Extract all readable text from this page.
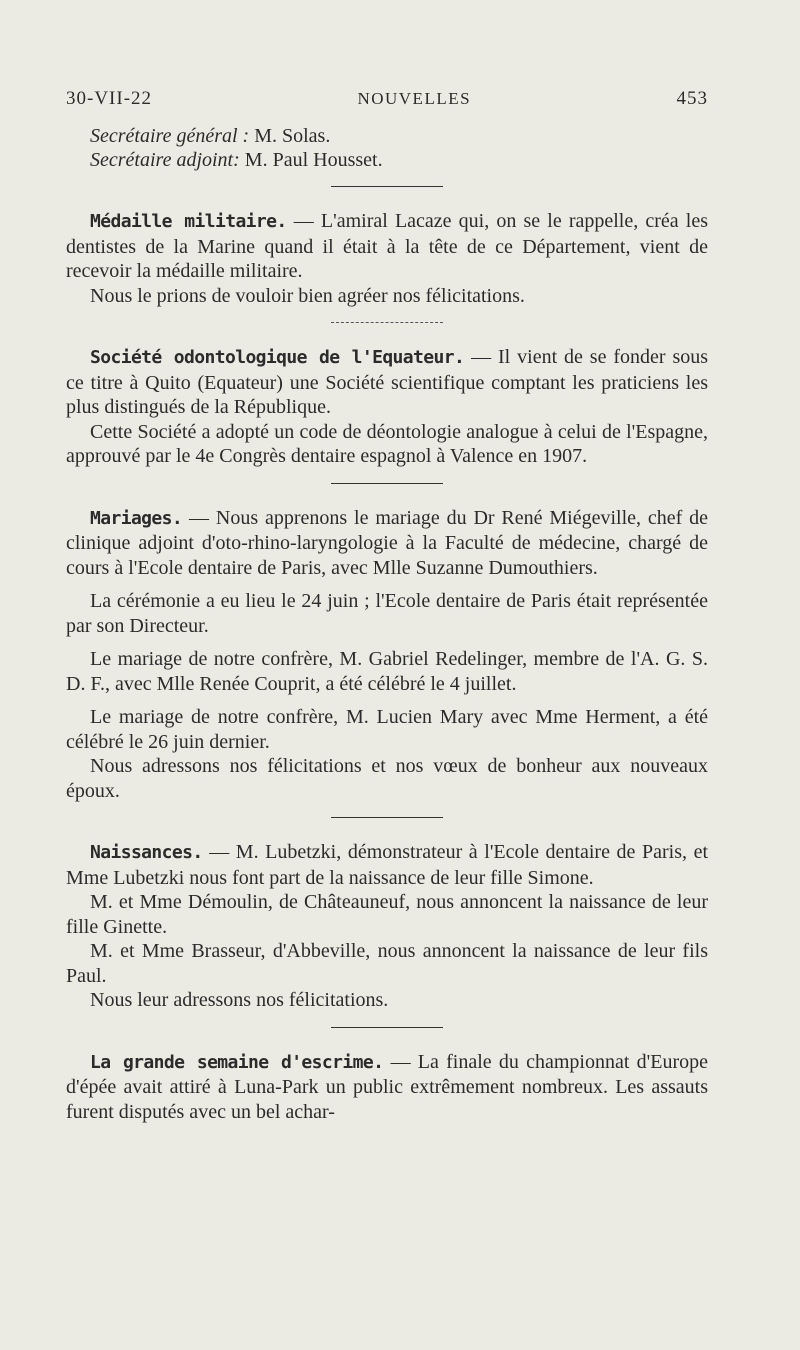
30-VII-22	NOUVELLES	453
Secrétaire général : M. Solas.
Secrétaire adjoint: M. Paul Housset.

Médaille militaire. — L'amiral Lacaze qui, on se le rappelle, créa les dentistes de la Marine quand il était à la tête de ce Département, vient de recevoir la médaille militaire.

Nous le prions de vouloir bien agréer nos félicitations.

Société odontologique de l'Equateur. — Il vient de se fonder sous ce titre à Quito (Equateur) une Société scientifique comptant les praticiens les plus distingués de la République.

Cette Société a adopté un code de déontologie analogue à celui de l'Espagne, approuvé par le 4e Congrès dentaire espagnol à Valence en 1907.

Mariages. — Nous apprenons le mariage du Dr René Miégeville, chef de clinique adjoint d'oto-rhino-laryngologie à la Faculté de médecine, chargé de cours à l'Ecole dentaire de Paris, avec Mlle Suzanne Dumouthiers.

La cérémonie a eu lieu le 24 juin ; l'Ecole dentaire de Paris était représentée par son Directeur.

Le mariage de notre confrère, M. Gabriel Redelinger, membre de l'A. G. S. D. F., avec Mlle Renée Couprit, a été célébré le 4 juillet.

Le mariage de notre confrère, M. Lucien Mary avec Mme Herment, a été célébré le 26 juin dernier.

Nous adressons nos félicitations et nos vœux de bonheur aux nouveaux époux.

Naissances. — M. Lubetzki, démonstrateur à l'Ecole dentaire de Paris, et Mme Lubetzki nous font part de la naissance de leur fille Simone.

M. et Mme Démoulin, de Châteauneuf, nous annoncent la naissance de leur fille Ginette.

M. et Mme Brasseur, d'Abbeville, nous annoncent la naissance de leur fils Paul.

Nous leur adressons nos félicitations.

La grande semaine d'escrime. — La finale du championnat d'Europe d'épée avait attiré à Luna-Park un public extrêmement nombreux. Les assauts furent disputés avec un bel achar-
